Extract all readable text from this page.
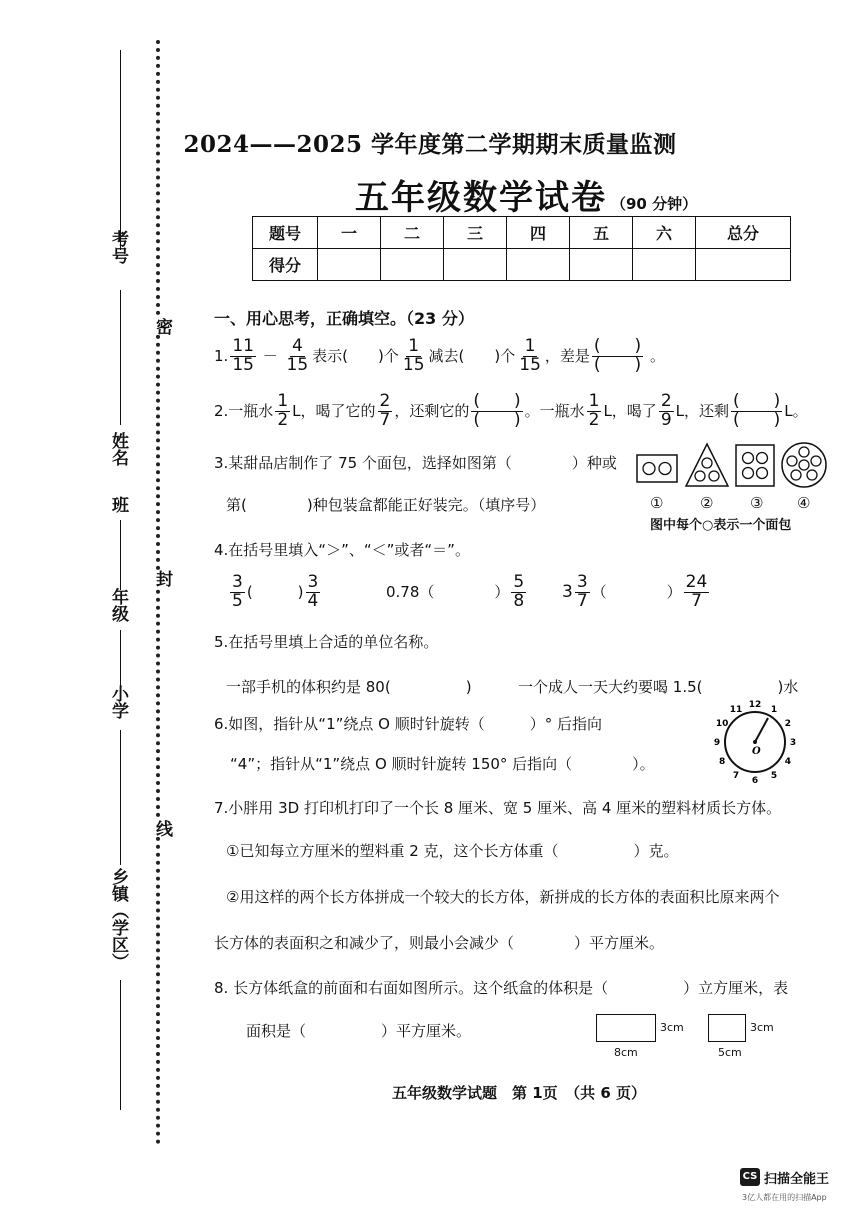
考号
姓名
班
年级
小学
乡镇（学区）
密
封
线
2024——2025 学年度第二学期期末质量监测
五年级数学试卷 （90 分钟）
题号	一	二	三	四	五	六	总分
得分							
一、用心思考，正确填空。（23 分）
1. $\frac{11}{15} - \frac{4}{15}$ 表示(　　)个 $\frac{1}{15}$ 减去(　　)个 $\frac{1}{15}$ ，差是 $\frac{( )}{( )}$ 。
2.一瓶水 $\frac{1}{2}$ L，喝了它的 $\frac{2}{7}$ ，还剩它的 $\frac{( )}{( )}$ 。一瓶水 $\frac{1}{2}$ L，喝了 $\frac{2}{9}$ L，还剩 $\frac{( )}{( )}$ L。
3.某甜品店制作了 75 个面包，选择如图第（　　　　）种或
第(　　　　)种包装盒都能正好装完。（填序号）	① ② ③ ④
图中每个○表示一个面包
4.在括号里填入“＞”、“＜”或者“＝”。
$\frac{3}{5}$ (　　　) $\frac{3}{4}$	0.78（　　　　） $\frac{5}{8} 3 \frac{3}{7}$ （　　　　） $\frac{24}{7}$
5.在括号里填上合适的单位名称。
一部手机的体积约是 80(　　　　　)	一个成人一天大约要喝 1.5(　　　　　)水
6.如图，指针从“1”绕点 O 顺时针旋转（　　　）° 后指向
“4”；指针从“1”绕点 O 顺时针旋转 150° 后指向（　　　　）。
12
1
2
3
4
5
6
7
8
9
10
11
O
7.小胖用 3D 打印机打印了一个长 8 厘米、宽 5 厘米、高 4 厘米的塑料材质长方体。
①已知每立方厘米的塑料重 2 克，这个长方体重（　　　　　）克。
②用这样的两个长方体拼成一个较大的长方体，新拼成的长方体的表面积比原来两个
长方体的表面积之和减少了，则最小会减少（　　　　）平方厘米。
8. 长方体纸盒的前面和右面如图所示。这个纸盒的体积是（　　　　　）立方厘米，表
面积是（　　　　　）平方厘米。	3cm
8cm
3cm
5cm
五年级数学试题　第 1页　（共 6 页）
CS 扫描全能王
3亿人都在用的扫描App
